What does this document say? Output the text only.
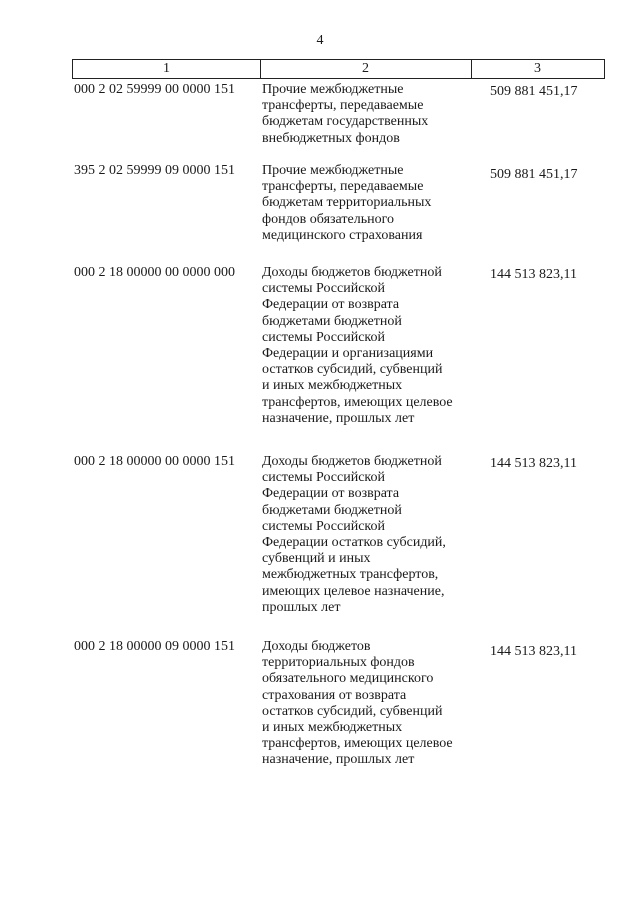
4
1	2	3
000 2 02 59999 00 0000 151	Прочие межбюджетные
трансферты, передаваемые
бюджетам государственных
внебюджетных фондов
509 881 451,17
395 2 02 59999 09 0000 151	Прочие межбюджетные
трансферты, передаваемые
бюджетам территориальных
фондов обязательного
медицинского страхования
509 881 451,17
000 2 18 00000 00 0000 000	Доходы бюджетов бюджетной
системы Российской
Федерации от возврата
бюджетами бюджетной
системы Российской
Федерации и организациями
остатков субсидий, субвенций
и иных межбюджетных
трансфертов, имеющих целевое
назначение, прошлых лет
144 513 823,11
000 2 18 00000 00 0000 151	Доходы бюджетов бюджетной
системы Российской
Федерации от возврата
бюджетами бюджетной
системы Российской
Федерации остатков субсидий,
субвенций и иных
межбюджетных трансфертов,
имеющих целевое назначение,
прошлых лет
144 513 823,11
000 2 18 00000 09 0000 151	Доходы бюджетов
территориальных фондов
обязательного медицинского
страхования от возврата
остатков субсидий, субвенций
и иных межбюджетных
трансфертов, имеющих целевое
назначение, прошлых лет
144 513 823,11
